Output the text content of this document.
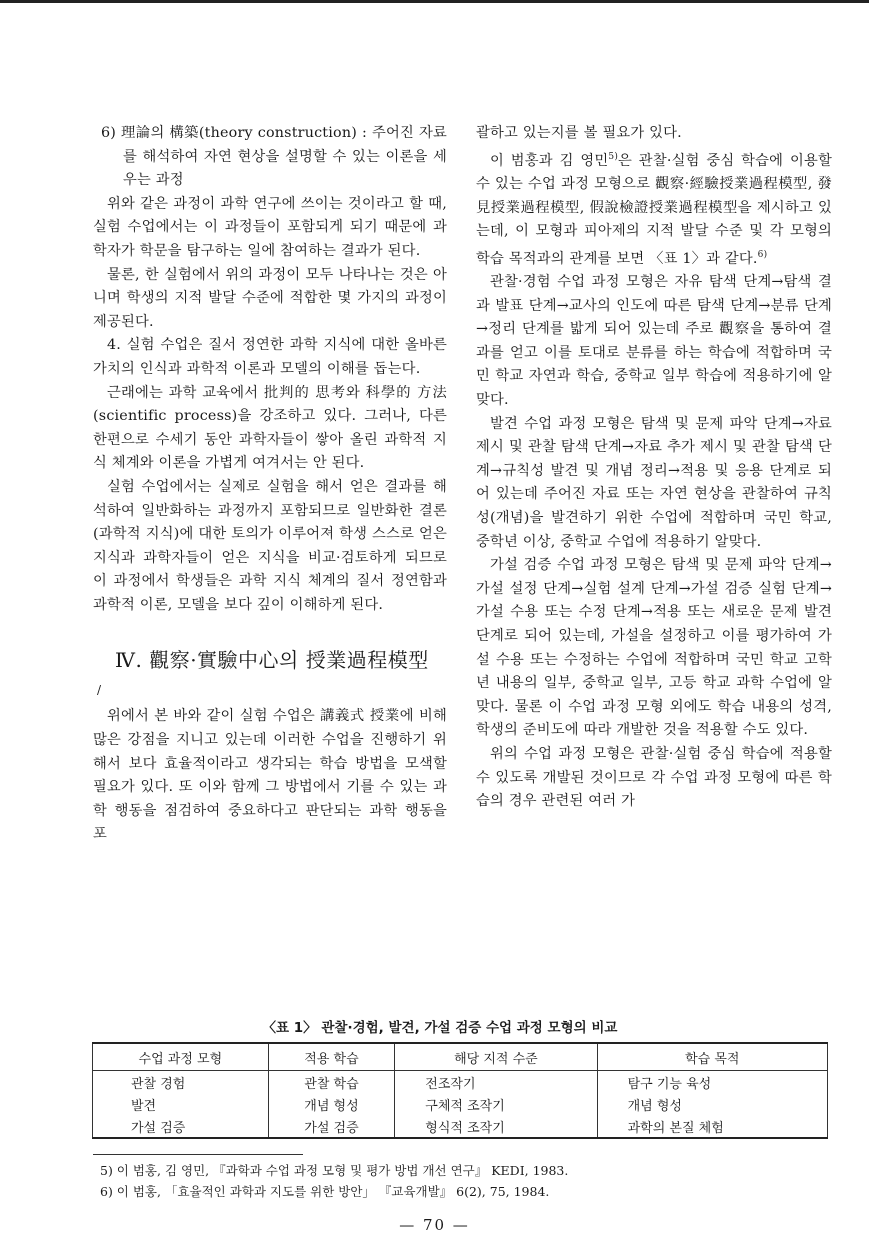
6) 理論의 構築(theory construction) : 주어진 자료를 해석하여 자연 현상을 설명할 수 있는 이론을 세우는 과정

위와 같은 과정이 과학 연구에 쓰이는 것이라고 할 때, 실험 수업에서는 이 과정들이 포함되게 되기 때문에 과학자가 학문을 탐구하는 일에 참여하는 결과가 된다.

물론, 한 실험에서 위의 과정이 모두 나타나는 것은 아니며 학생의 지적 발달 수준에 적합한 몇 가지의 과정이 제공된다.

4. 실험 수업은 질서 정연한 과학 지식에 대한 올바른 가치의 인식과 과학적 이론과 모델의 이해를 돕는다.

근래에는 과학 교육에서 批判的 思考와 科學的 方法(scientific process)을 강조하고 있다. 그러나, 다른 한편으로 수세기 동안 과학자들이 쌓아 올린 과학적 지식 체계와 이론을 가볍게 여겨서는 안 된다.

실험 수업에서는 실제로 실험을 해서 얻은 결과를 해석하여 일반화하는 과정까지 포함되므로 일반화한 결론(과학적 지식)에 대한 토의가 이루어져 학생 스스로 얻은 지식과 과학자들이 얻은 지식을 비교·검토하게 되므로 이 과정에서 학생들은 과학 지식 체계의 질서 정연함과 과학적 이론, 모델을 보다 깊이 이해하게 된다.

Ⅳ. 觀察·實驗中心의 授業過程模型

/

위에서 본 바와 같이 실험 수업은 講義式 授業에 비해 많은 강점을 지니고 있는데 이러한 수업을 진행하기 위해서 보다 효율적이라고 생각되는 학습 방법을 모색할 필요가 있다. 또 이와 함께 그 방법에서 기를 수 있는 과학 행동을 점검하여 중요하다고 판단되는 과학 행동을 포

괄하고 있는지를 볼 필요가 있다.

이 범홍과 김 영민$^{5)}$은 관찰·실험 중심 학습에 이용할 수 있는 수업 과정 모형으로 觀察·經驗授業過程模型, 發見授業過程模型, 假說檢證授業過程模型을 제시하고 있는데, 이 모형과 피아제의 지적 발달 수준 및 각 모형의 학습 목적과의 관계를 보면 〈표 1〉과 같다.$^{6)}$

관찰·경험 수업 과정 모형은 자유 탐색 단계→탐색 결과 발표 단계→교사의 인도에 따른 탐색 단계→분류 단계→정리 단계를 밟게 되어 있는데 주로 觀察을 통하여 결과를 얻고 이를 토대로 분류를 하는 학습에 적합하며 국민 학교 자연과 학습, 중학교 일부 학습에 적용하기에 알맞다.

발견 수업 과정 모형은 탐색 및 문제 파악 단계→자료 제시 및 관찰 탐색 단계→자료 추가 제시 및 관찰 탐색 단계→규칙성 발견 및 개념 정리→적용 및 응용 단계로 되어 있는데 주어진 자료 또는 자연 현상을 관찰하여 규칙성(개념)을 발견하기 위한 수업에 적합하며 국민 학교, 중학년 이상, 중학교 수업에 적용하기 알맞다.

가설 검증 수업 과정 모형은 탐색 및 문제 파악 단계→가설 설정 단계→실험 설계 단계→가설 검증 실험 단계→가설 수용 또는 수정 단계→적용 또는 새로운 문제 발견 단계로 되어 있는데, 가설을 설정하고 이를 평가하여 가설 수용 또는 수정하는 수업에 적합하며 국민 학교 고학년 내용의 일부, 중학교 일부, 고등 학교 과학 수업에 알맞다. 물론 이 수업 과정 모형 외에도 학습 내용의 성격, 학생의 준비도에 따라 개발한 것을 적용할 수도 있다.

위의 수업 과정 모형은 관찰·실험 중심 학습에 적용할 수 있도록 개발된 것이므로 각 수업 과정 모형에 따른 학습의 경우 관련된 여러 가

〈표 1〉 관찰·경험, 발견, 가설 검증 수업 과정 모형의 비교
수업 과정 모형	적용 학습	해당 지적 수준	학습 목적
관찰 경험	관찰 학습	전조작기	탐구 기능 육성
발견	개념 형성	구체적 조작기	개념 형성
가설 검증	가설 검증	형식적 조작기	과학의 본질 체험

5) 이 범홍, 김 영민, 『과학과 수업 과정 모형 및 평가 방법 개선 연구』 KEDI, 1983.

6) 이 범홍, 「효율적인 과학과 지도를 위한 방안」 『교육개발』 6(2), 75, 1984.

— 70 —
